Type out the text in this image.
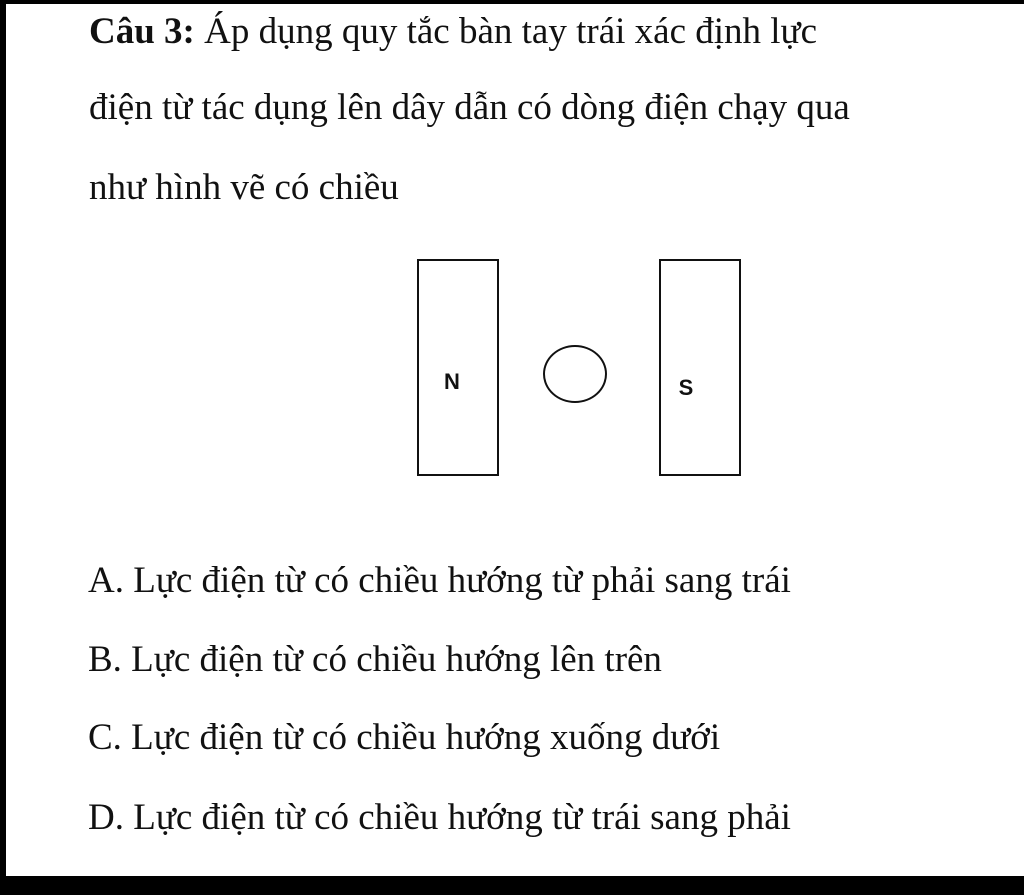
Câu 3: Áp dụng quy tắc bàn tay trái xác định lực
điện từ tác dụng lên dây dẫn có dòng điện chạy qua
như hình vẽ có chiều
N	S
A. Lực điện từ có chiều hướng từ phải sang trái
B. Lực điện từ có chiều hướng lên trên
C. Lực điện từ có chiều hướng xuống dưới
D. Lực điện từ có chiều hướng từ trái sang phải
